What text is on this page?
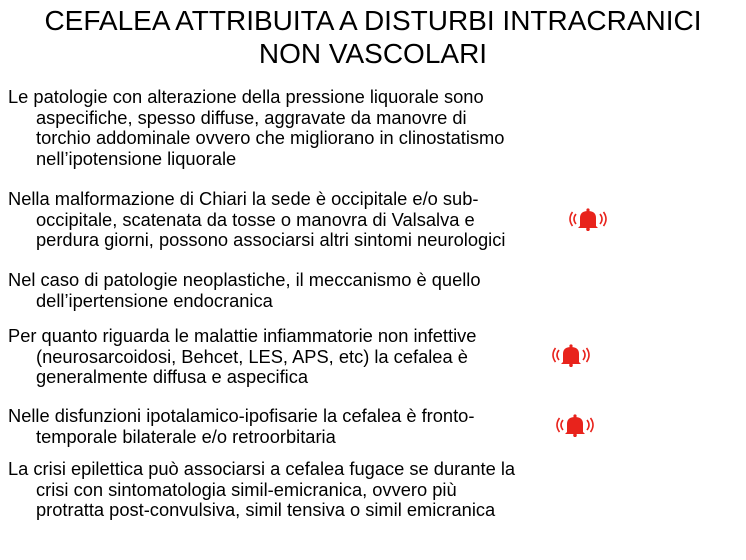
CEFALEA ATTRIBUITA A DISTURBI INTRACRANICI
NON VASCOLARI

Le patologie con alterazione della pressione liquorale sono
aspecifiche, spesso diffuse, aggravate da manovre di
torchio addominale ovvero che migliorano in clinostatismo
nell’ipotensione liquorale

Nella malformazione di Chiari la sede è occipitale e/o sub-
occipitale, scatenata da tosse o manovra di Valsalva e
perdura giorni, possono associarsi altri sintomi neurologici

Nel caso di patologie neoplastiche, il meccanismo è quello
dell’ipertensione endocranica

Per quanto riguarda le malattie infiammatorie non infettive
(neurosarcoidosi, Behcet, LES, APS, etc) la cefalea è
generalmente diffusa e aspecifica

Nelle disfunzioni ipotalamico-ipofisarie la cefalea è fronto-
temporale bilaterale e/o retroorbitaria

La crisi epilettica può associarsi a cefalea fugace se durante la
crisi con sintomatologia simil-emicranica, ovvero più
protratta post-convulsiva, simil tensiva o simil emicranica
